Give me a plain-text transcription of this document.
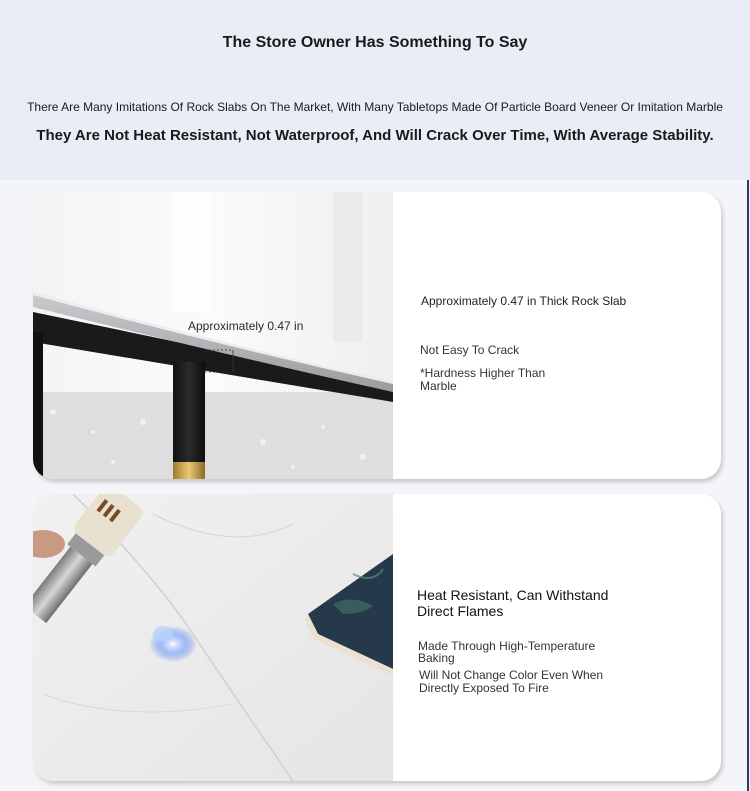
The Store Owner Has Something To Say
There Are Many Imitations Of Rock Slabs On The Market, With Many Tabletops Made Of Particle Board Veneer Or Imitation Marble
They Are Not Heat Resistant, Not Waterproof, And Will Crack Over Time, With Average Stability.
Approximately 0.47 in
Approximately 0.47 in Thick Rock Slab
Not Easy To Crack
*Hardness Higher Than Marble
Heat Resistant, Can Withstand Direct Flames
Made Through High-Temperature Baking
Will Not Change Color Even When Directly Exposed To Fire
